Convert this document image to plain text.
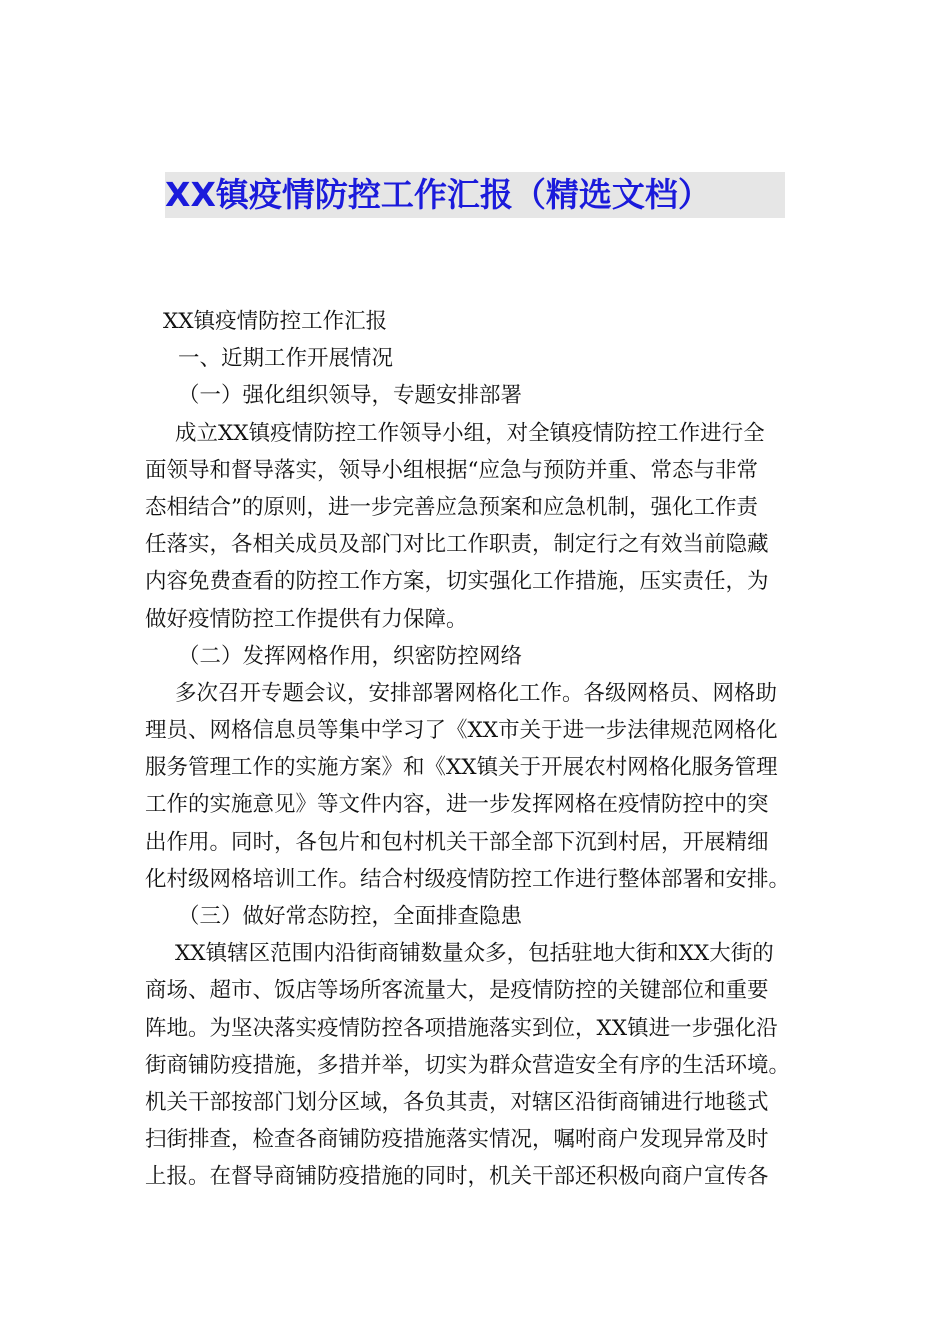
XX镇疫情防控工作汇报（精选文档）
XX镇疫情防控工作汇报
一、近期工作开展情况
（一）强化组织领导，专题安排部署
成立XX镇疫情防控工作领导小组，对全镇疫情防控工作进行全
面领导和督导落实，领导小组根据“应急与预防并重、常态与非常
态相结合”的原则，进一步完善应急预案和应急机制，强化工作责
任落实，各相关成员及部门对比工作职责，制定行之有效当前隐藏
内容免费查看的防控工作方案，切实强化工作措施，压实责任，为
做好疫情防控工作提供有力保障。
（二）发挥网格作用，织密防控网络
多次召开专题会议，安排部署网格化工作。各级网格员、网格助
理员、网格信息员等集中学习了《XX市关于进一步法律规范网格化
服务管理工作的实施方案》和《XX镇关于开展农村网格化服务管理
工作的实施意见》等文件内容，进一步发挥网格在疫情防控中的突
出作用。同时，各包片和包村机关干部全部下沉到村居，开展精细
化村级网格培训工作。结合村级疫情防控工作进行整体部署和安排。
（三）做好常态防控，全面排查隐患
XX镇辖区范围内沿街商铺数量众多，包括驻地大街和XX大街的
商场、超市、饭店等场所客流量大，是疫情防控的关键部位和重要
阵地。为坚决落实疫情防控各项措施落实到位，XX镇进一步强化沿
街商铺防疫措施，多措并举，切实为群众营造安全有序的生活环境。
机关干部按部门划分区域，各负其责，对辖区沿街商铺进行地毯式
扫街排查，检查各商铺防疫措施落实情况，嘱咐商户发现异常及时
上报。在督导商铺防疫措施的同时，机关干部还积极向商户宣传各
